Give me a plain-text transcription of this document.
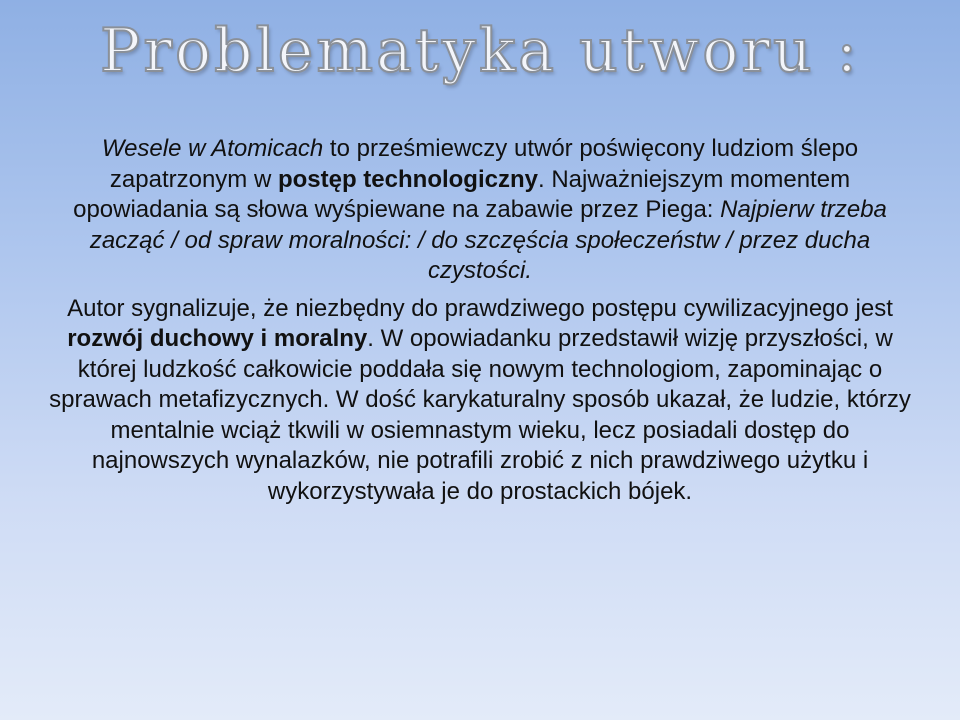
Problematyka utworu :

Wesele w Atomicach to prześmiewczy utwór poświęcony ludziom ślepo zapatrzonym w postęp technologiczny. Najważniejszym momentem opowiadania są słowa wyśpiewane na zabawie przez Piega: Najpierw trzeba zacząć / od spraw moralności: / do szczęścia społeczeństw / przez ducha czystości.

Autor sygnalizuje, że niezbędny do prawdziwego postępu cywilizacyjnego jest rozwój duchowy i moralny. W opowiadanku przedstawił wizję przyszłości, w której ludzkość całkowicie poddała się nowym technologiom, zapominając o sprawach metafizycznych. W dość karykaturalny sposób ukazał, że ludzie, którzy mentalnie wciąż tkwili w osiemnastym wieku, lecz posiadali dostęp do najnowszych wynalazków, nie potrafili zrobić z nich prawdziwego użytku i wykorzystywała je do prostackich bójek.
